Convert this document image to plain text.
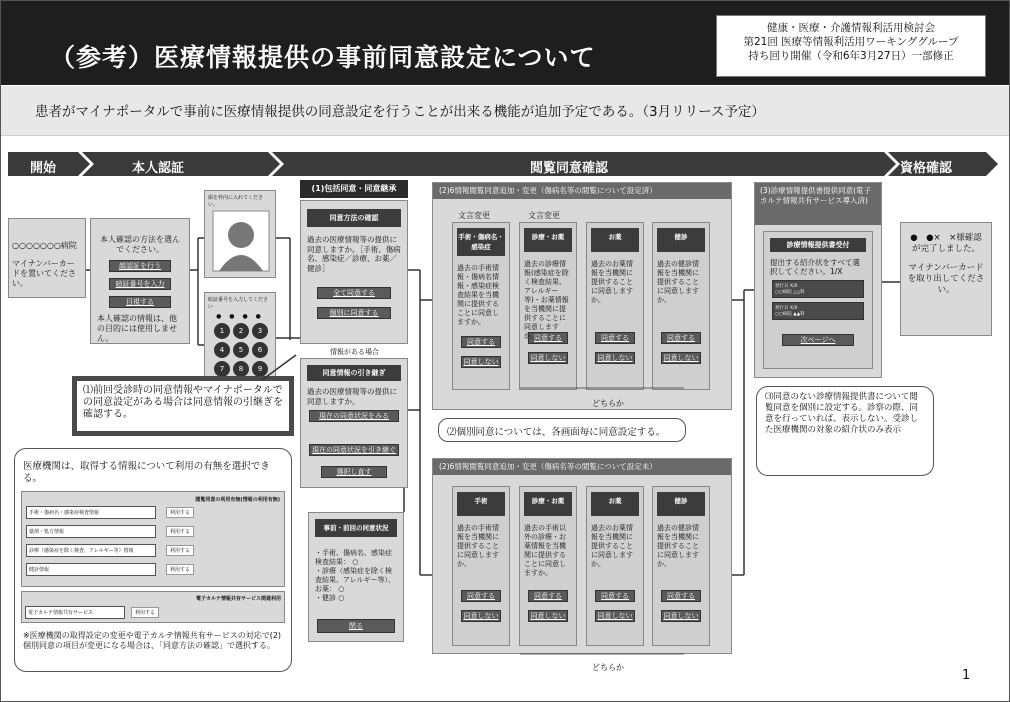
（参考）医療情報提供の事前同意設定について
健康・医療・介護情報利活用検討会
第21回 医療等情報利活用ワーキンググループ
持ち回り開催（令和6年3月27日）一部修正
患者がマイナポータルで事前に医療情報提供の同意設定を行うことが出来る機能が追加予定である。（3月リリース予定）
開始	本人認証	閲覧同意確認	資格確認
○○○○○○○病院
マイナンバーカードを置いてください。
本人確認の方法を選んでください。
顔認証を行う
暗証番号を入力
目視する
本人確認の情報は、他の目的には使用しません。
顔を枠内に入れてください。
暗証番号を入力してください
● ● ● ●
1	2	3
4	5	6
7	8	9
(1)包括同意・同意継承
同意方法の確認
過去の医療情報等の提供に同意しますか。［手術、傷病名、感染症／診療、お薬／健診］
全て同意する
個別に同意する
情報がある場合
同意情報の引き継ぎ
過去の医療情報等の提供に同意しますか。
現在の同意状況をみる
現在の同意状況を引き継ぐ
選択し直す
⑴前回受診時の同意情報やマイナポータルでの同意設定がある場合は同意情報の引継ぎを確認する。
医療機関は、取得する情報について利用の有無を選択できる。
閲覧同意の利用有無(情報の利用有無)
手術・傷病名・感染症検査情報	利用する
薬剤・処方情報	利用する
診療（感染症を除く検査、アレルギー等）情報	利用する
健診情報	利用する
電子カルテ情報共有サービス関連利用
電子カルテ情報共有サービス	利用する
※医療機関の取得設定の変更や電子カルテ情報共有サービスの対応で(2)個別同意の項目が変更になる場合は、「同意方法の確認」で選択する。
事前・前回の同意状況
・手術、傷病名、感染症検査結果： ○
・診療（感染症を除く検査結果、アレルギー等）、お薬： ○
・健診 ○
閉る
(2)6情報閲覧同意追加・変更（傷病名等の閲覧について設定済）
文言変更	文言変更
手術・傷病名・感染症
過去の手術情報・傷病名情報・感染症検査結果を当機関に提供することに同意しますか。
同意する
同意しない
診療・お薬
過去の診療情報(感染症を除く検査結果、アレルギー等)・お薬情報を当機関に提供することに同意しますか。
同意する
同意しない
お薬
過去のお薬情報を当機関に提供することに同意しますか。
同意する
同意しない
健診
過去の健診情報を当機関に提供することに同意しますか。
同意する
同意しない
どちらか
⑵個別同意については、各画面毎に同意設定する。
(2)6情報閲覧同意追加・変更（傷病名等の閲覧について設定未）
手術
過去の手術情報を当機関に提供することに同意しますか。
同意する
同意しない
診療・お薬
過去の手術以外の診療・お薬情報を当機関に提供することに同意しますか。
同意する
同意しない
お薬
過去のお薬情報を当機関に提供することに同意しますか。
同意する
同意しない
健診
過去の健診情報を当機関に提供することに同意しますか。
同意する
同意しない
どちらか
(3)診療情報提供書提供同意(電子カルテ情報共有サービス導入済)
診療情報提供書受付
提出する紹介状をすべて選択してください。1/X
発行日 X/X
○○病院 △△科
発行日 X/X
○○病院 ▲▲科
次ページへ
⑶同意のない診療情報提供書について閲覧同意を個別に設定する。診察の際、同意を行っていれば、表示しない。受診した医療機関の対象の紹介状のみ表示
●　●×　×様確認が完了しました。
マイナンバーカードを取り出してください。
1
